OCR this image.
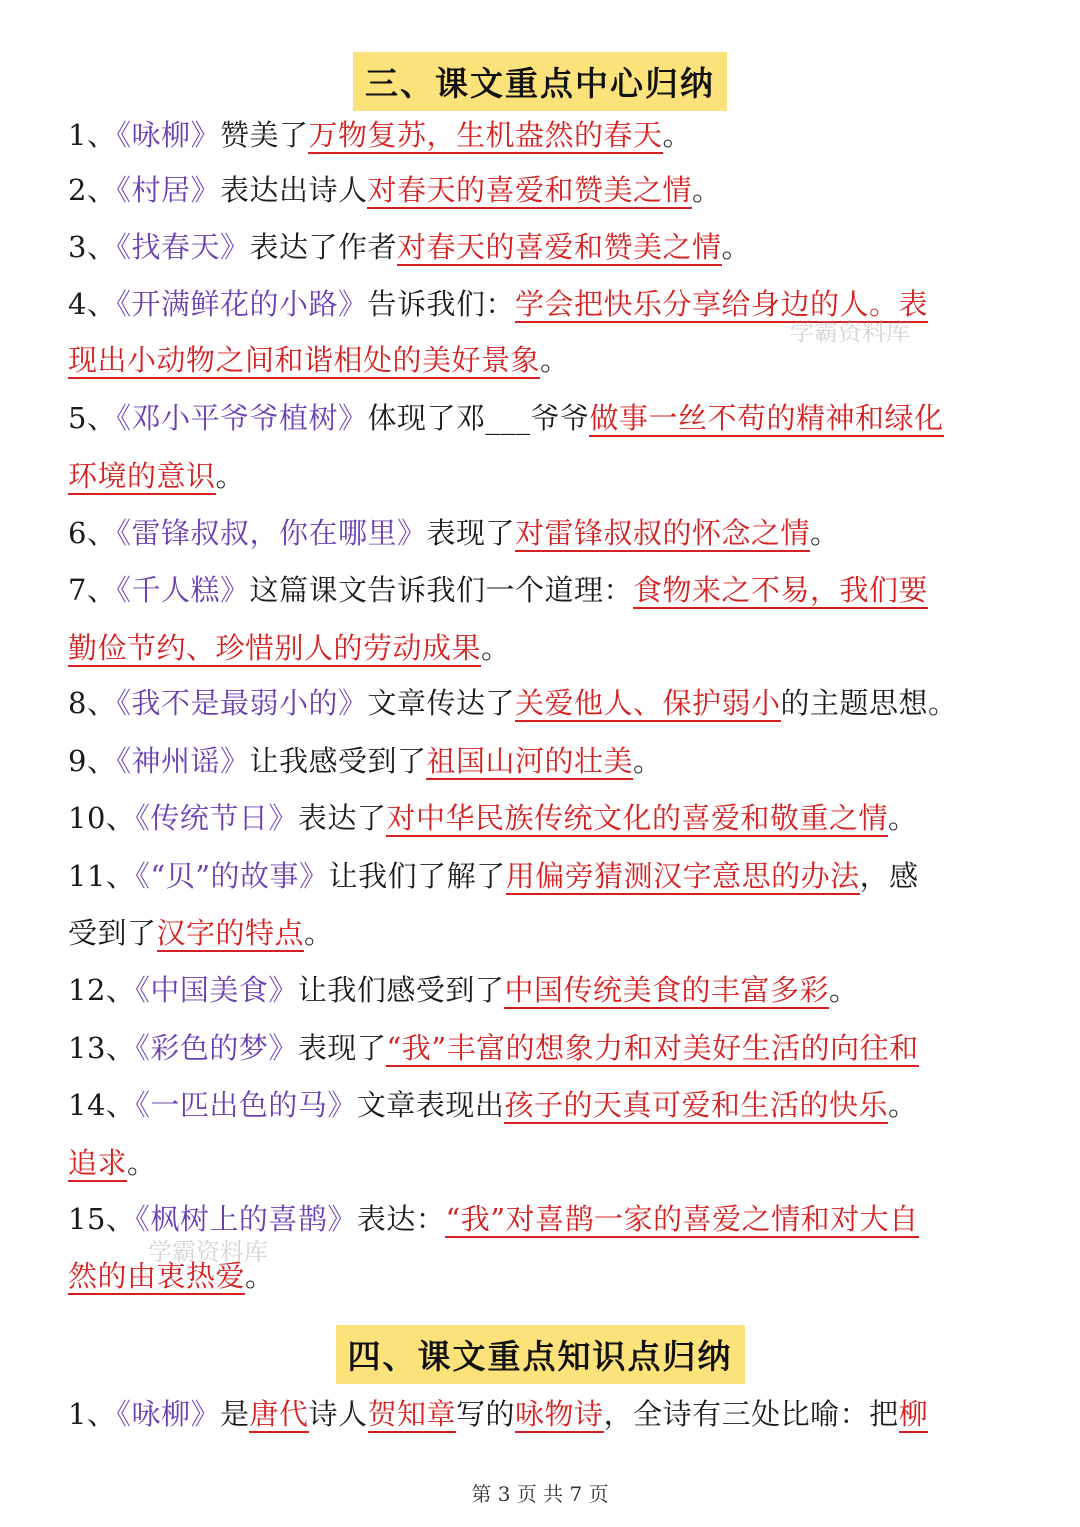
三、课文重点中心归纳
1、《咏柳》赞美了万物复苏，生机盎然的春天。
2、《村居》表达出诗人对春天的喜爱和赞美之情。
3、《找春天》表达了作者对春天的喜爱和赞美之情。
4、《开满鲜花的小路》告诉我们：学会把快乐分享给身边的人。表
现出小动物之间和谐相处的美好景象。
5、《邓小平爷爷植树》体现了邓___爷爷做事一丝不苟的精神和绿化
环境的意识。
6、《雷锋叔叔，你在哪里》表现了对雷锋叔叔的怀念之情。
7、《千人糕》这篇课文告诉我们一个道理：食物来之不易，我们要
勤俭节约、珍惜别人的劳动成果。
8、《我不是最弱小的》文章传达了关爱他人、保护弱小的主题思想。
9、《神州谣》让我感受到了祖国山河的壮美。
10、《传统节日》表达了对中华民族传统文化的喜爱和敬重之情。
11、《“贝”的故事》让我们了解了用偏旁猜测汉字意思的办法，感
受到了汉字的特点。
12、《中国美食》让我们感受到了中国传统美食的丰富多彩。
13、《彩色的梦》表现了“我”丰富的想象力和对美好生活的向往和
14、《一匹出色的马》文章表现出孩子的天真可爱和生活的快乐。
追求。
15、《枫树上的喜鹊》表达：“我”对喜鹊一家的喜爱之情和对大自
然的由衷热爱。
四、课文重点知识点归纳
1、《咏柳》是唐代诗人贺知章写的咏物诗，全诗有三处比喻：把柳
学霸资料库
学霸资料库
第 3 页 共 7 页
